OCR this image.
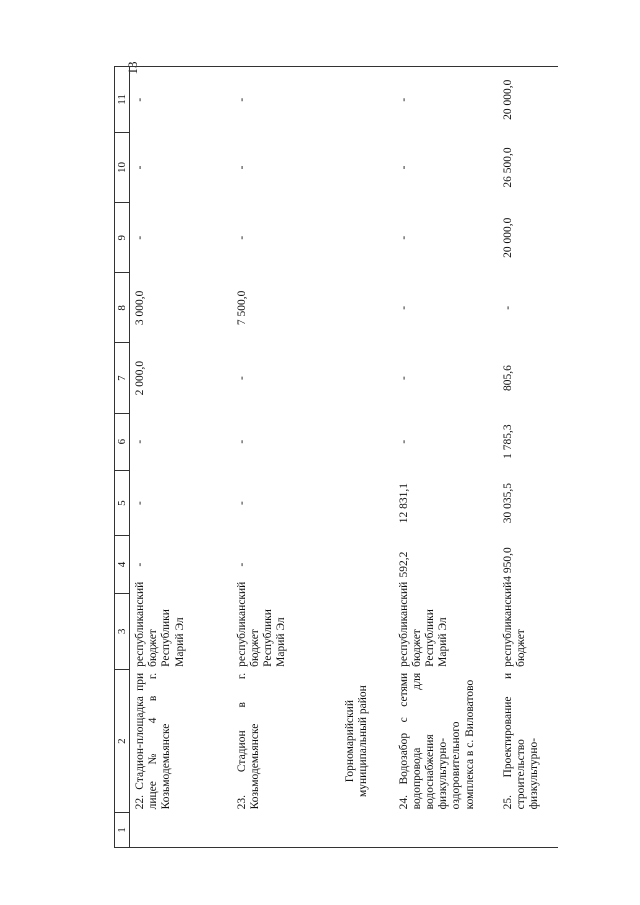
13
1	2	3	4	5	6	7	8	9	10	11
	22. Стадион-площадка при лицее № 4 в г. Козьмодемьянске	республиканский бюджет Республики Марий Эл	-	-	-	2 000,0	3 000,0	-	-	-
	23. Стадион в г. Козьмодемьянске	республиканский бюджет Республики Марий Эл	-	-	-	-	7 500,0	-	-	-
	Горномарийский муниципальный район									
	24. Водозабор с сетями водопровода для водоснабжения физкультурно-оздоровительного комплекса в с. Виловатово	республиканский бюджет Республики Марий Эл	592,2	12 831,1	-	-	-	-	-	-
	25. Проектирование и строительство физкультурно-	республиканский бюджет	4 950,0	30 035,5	1 785,3	805,6	-	20 000,0	26 500,0	20 000,0
